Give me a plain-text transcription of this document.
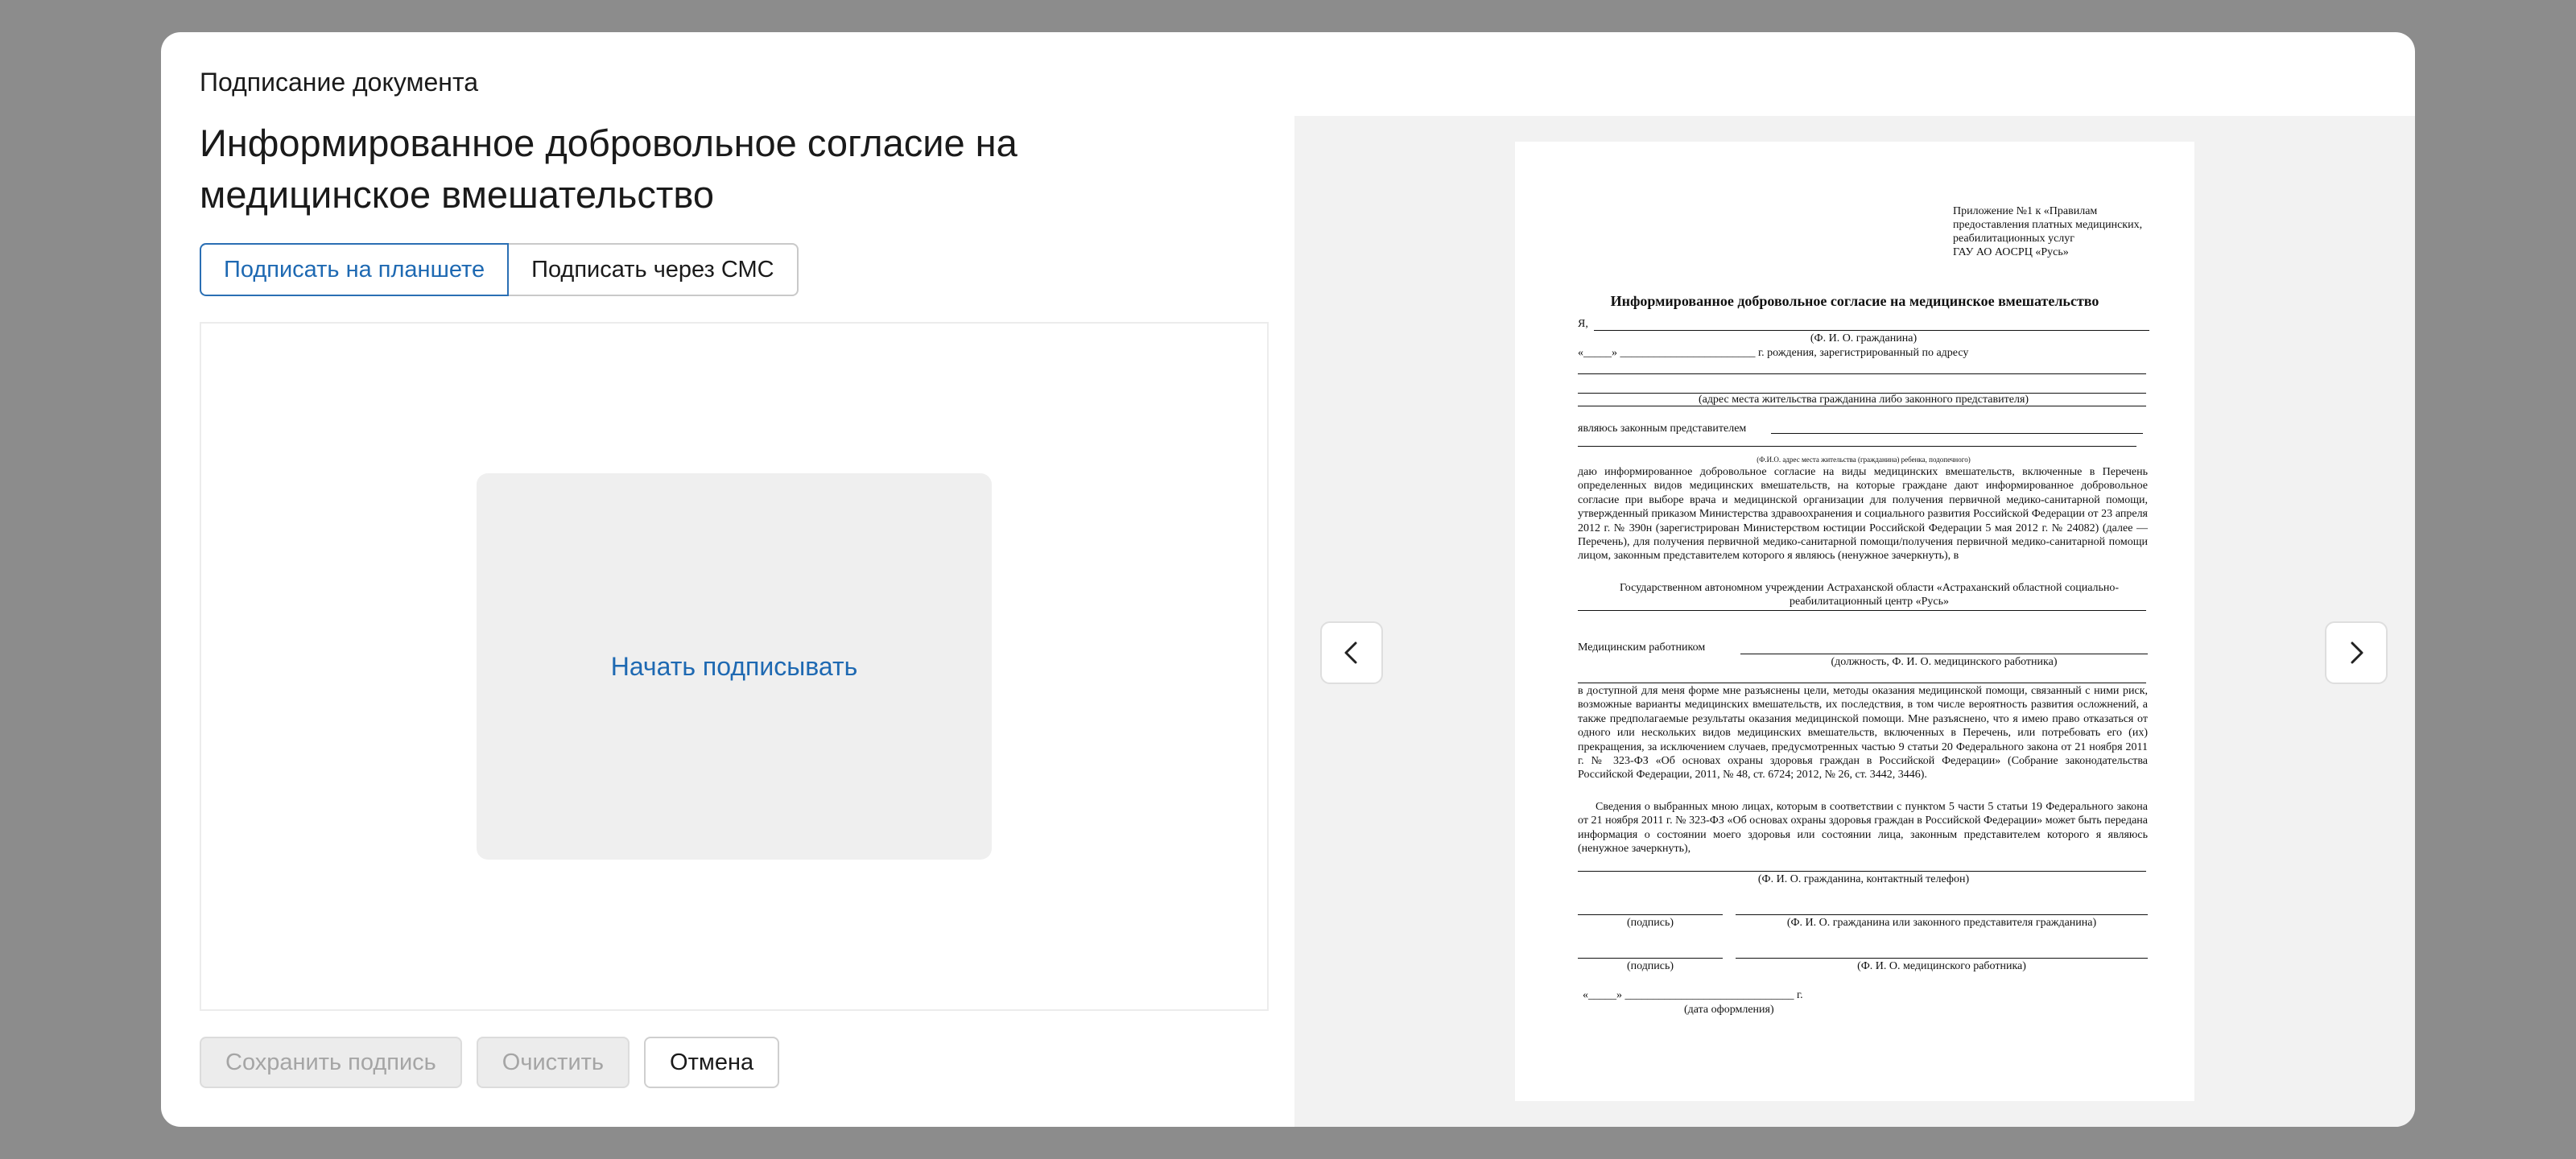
Подписание документа
Информированное добровольное согласие на медицинское вмешательство
Подписать на планшете	Подписать через СМС
Начать подписывать
Сохранить подпись	Очистить	Отмена
Приложение №1 к «Правилам
предоставления платных медицинских,
реабилитационных услуг
ГАУ АО АОСРЦ «Русь»
Информированное добровольное согласие на медицинское вмешательство
Я,
(Ф. И. О. гражданина)
«_____» ________________________ г. рождения, зарегистрированный по адресу
(адрес места жительства гражданина либо законного представителя)
являюсь законным представителем
(Ф.И.О. адрес места жительства (гражданина) ребенка, подопечного)
даю информированное добровольное согласие на виды медицинских вмешательств, включенные в Перечень определенных видов медицинских вмешательств, на которые граждане дают информированное добровольное согласие при выборе врача и медицинской организации для получения первичной медико-санитарной помощи, утвержденный приказом Министерства здравоохранения и социального развития Российской Федерации от 23 апреля 2012 г. № 390н (зарегистрирован Министерством юстиции Российской Федерации 5 мая 2012 г. № 24082) (далее — Перечень), для получения первичной медико-санитарной помощи/получения первичной медико-санитарной помощи лицом, законным представителем которого я являюсь (ненужное зачеркнуть), в
Государственном автономном учреждении Астраханской области «Астраханский областной социально-реабилитационный центр «Русь»
Медицинским работником
(должность, Ф. И. О. медицинского работника)
в доступной для меня форме мне разъяснены цели, методы оказания медицинской помощи, связанный с ними риск, возможные варианты медицинских вмешательств, их последствия, в том числе вероятность развития осложнений, а также предполагаемые результаты оказания медицинской помощи. Мне разъяснено, что я имею право отказаться от одного или нескольких видов медицинских вмешательств, включенных в Перечень, или потребовать его (их) прекращения, за исключением случаев, предусмотренных частью 9 статьи 20 Федерального закона от 21 ноября 2011 г. № 323-ФЗ «Об основах охраны здоровья граждан в Российской Федерации» (Собрание законодательства Российской Федерации, 2011, № 48, ст. 6724; 2012, № 26, ст. 3442, 3446).
Сведения о выбранных мною лицах, которым в соответствии с пунктом 5 части 5 статьи 19 Федерального закона от 21 ноября 2011 г. № 323-ФЗ «Об основах охраны здоровья граждан в Российской Федерации» может быть передана информация о состоянии моего здоровья или состоянии лица, законным представителем которого я являюсь (ненужное зачеркнуть),
(Ф. И. О. гражданина, контактный телефон)
(подпись)	(Ф. И. О. гражданина или законного представителя гражданина)
(подпись)	(Ф. И. О. медицинского работника)
«_____» ______________________________ г.
(дата оформления)
